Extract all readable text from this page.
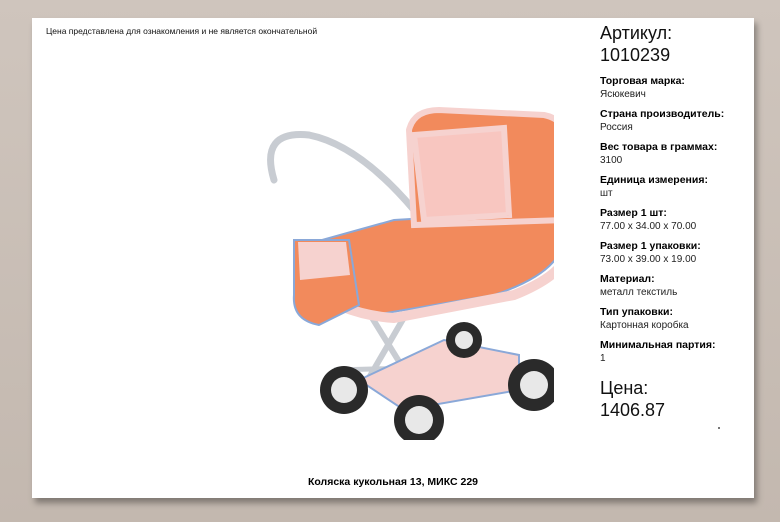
Цена представлена для ознакомления и не является окончательной	Артикул:
1010239
Торговая марка:
Ясюкевич
Страна производитель:
Россия
Вес товара в граммах:
3100
Единица измерения:
шт
Размер 1 шт:
77.00 x 34.00 x 70.00
Размер 1 упаковки:
73.00 x 39.00 x 19.00
Материал:
металл текстиль
Тип упаковки:
Картонная коробка
Минимальная партия:
1
Цена:
1406.87
Коляска кукольная 13, МИКС 229
